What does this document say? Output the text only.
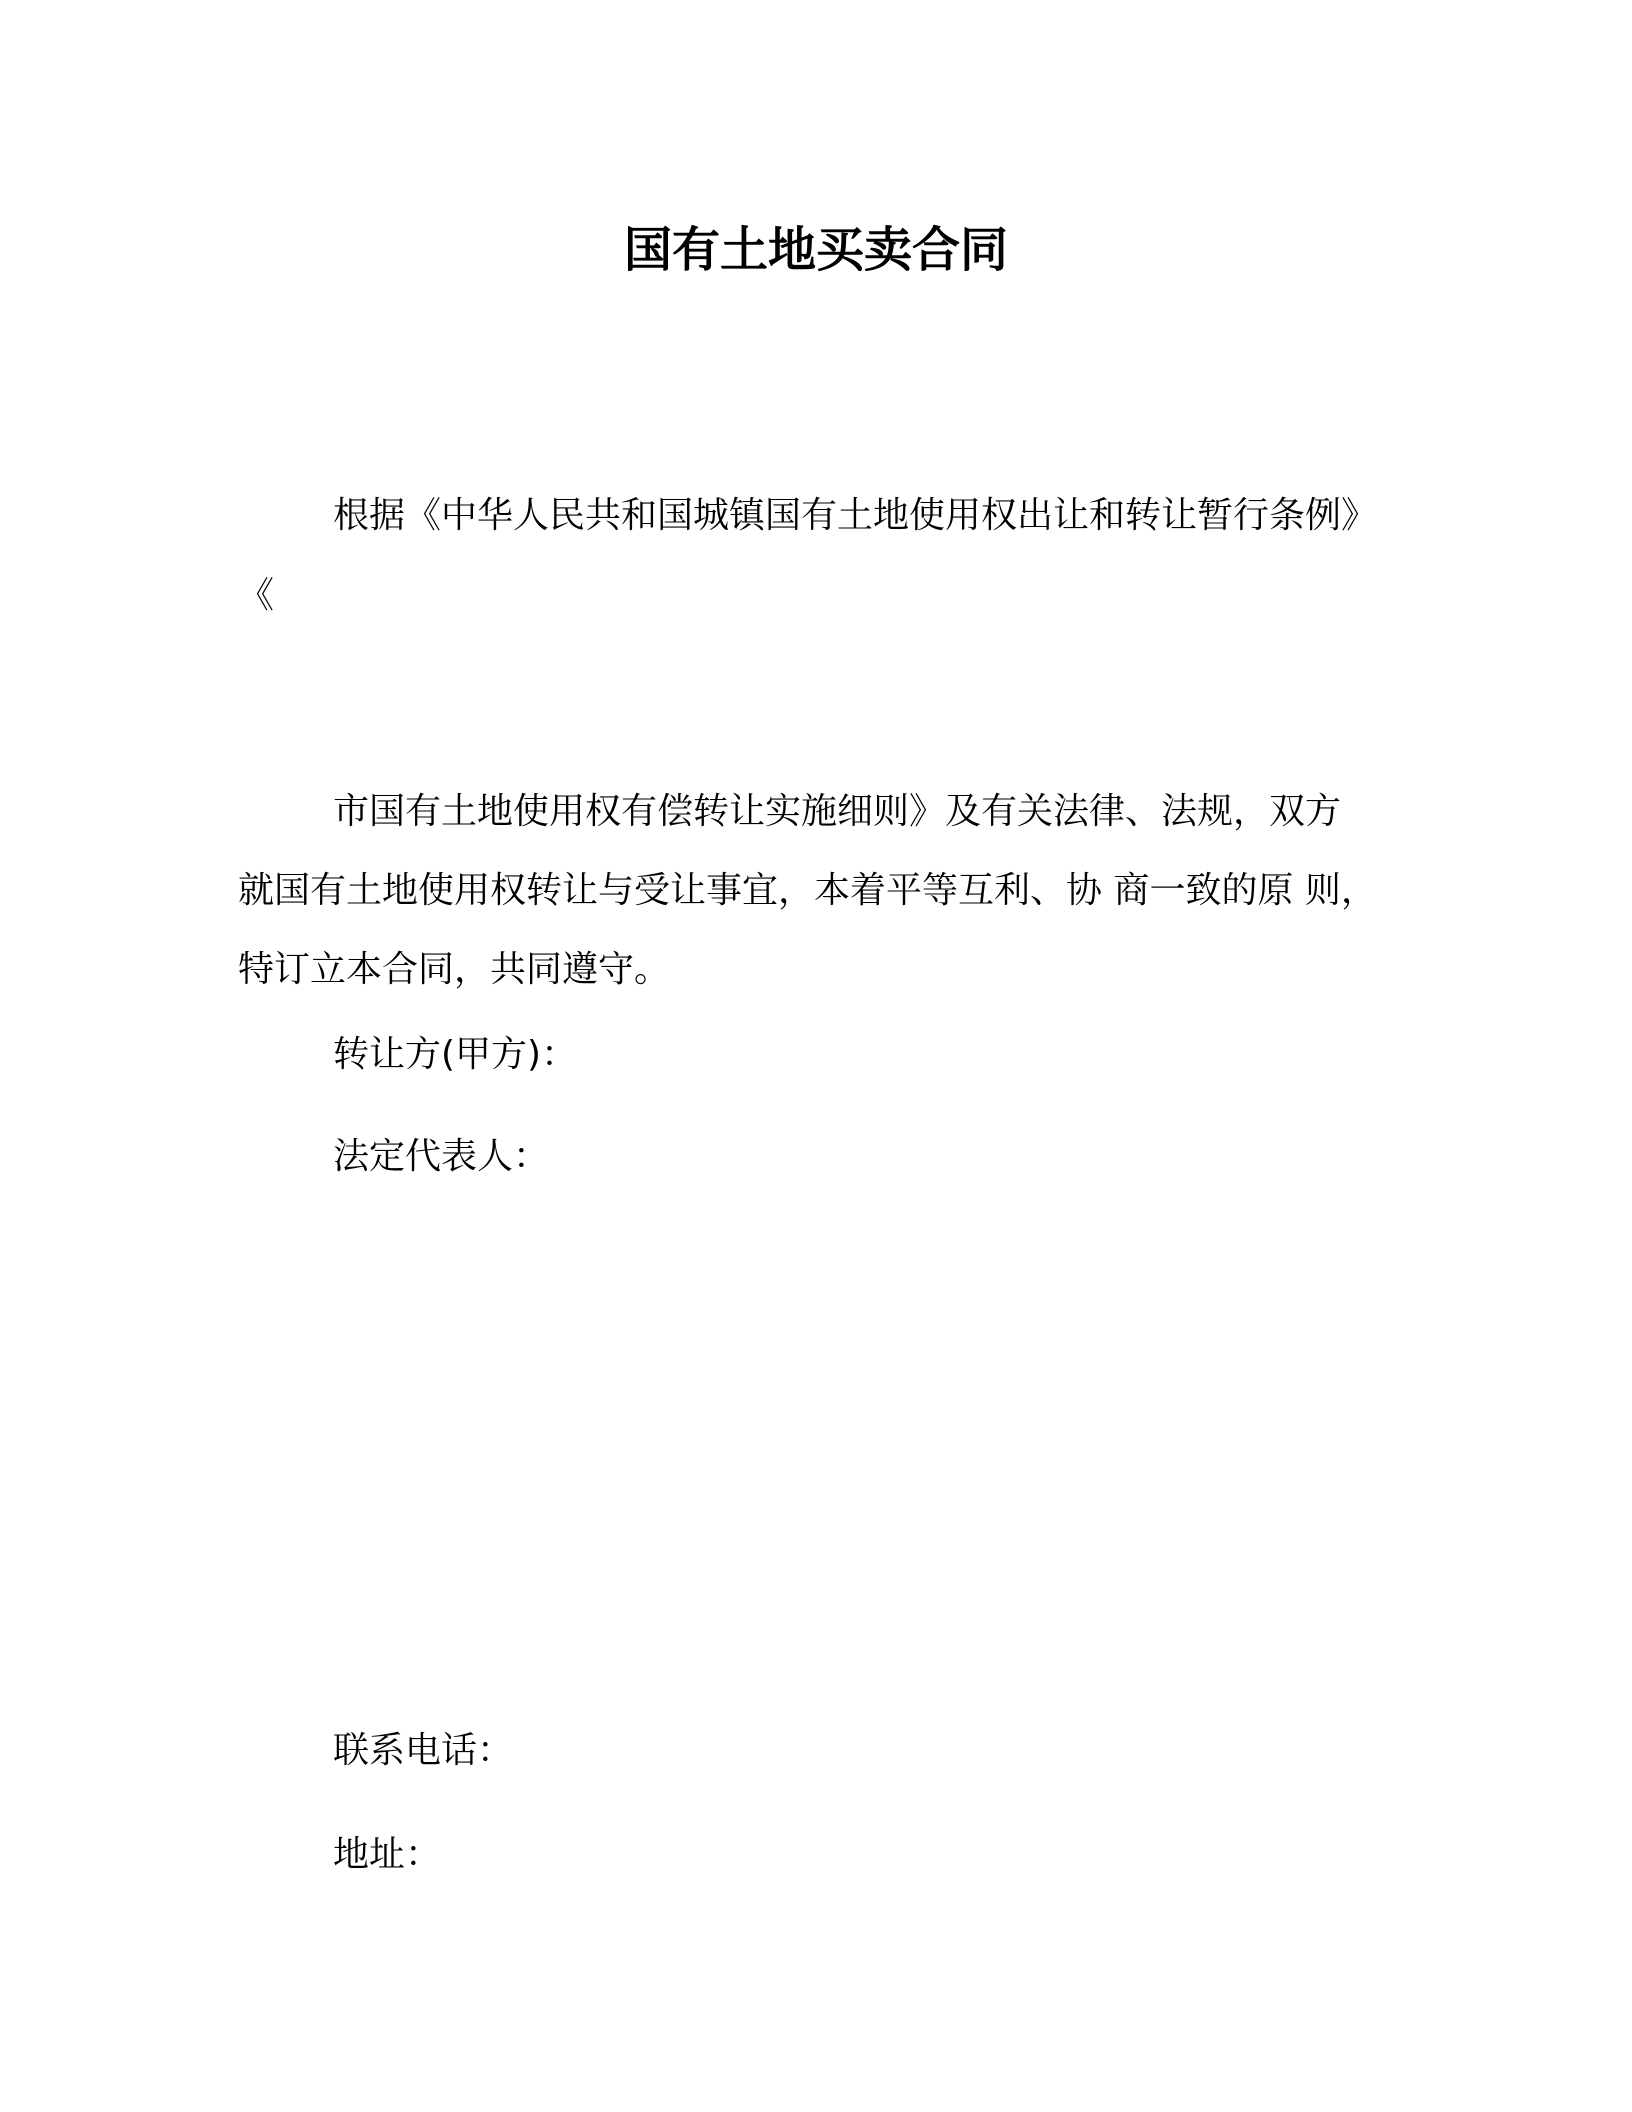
国有土地买卖合同
根据《中华人民共和国城镇国有土地使用权出让和转让暂行条例》
《
市国有土地使用权有偿转让实施细则》及有关法律、法规，双方
就国有土地使用权转让与受让事宜，本着平等互利、协 商一致的原 则，
特订立本合同，共同遵守。
转让方(甲方)：
法定代表人：
联系电话：
地址：
